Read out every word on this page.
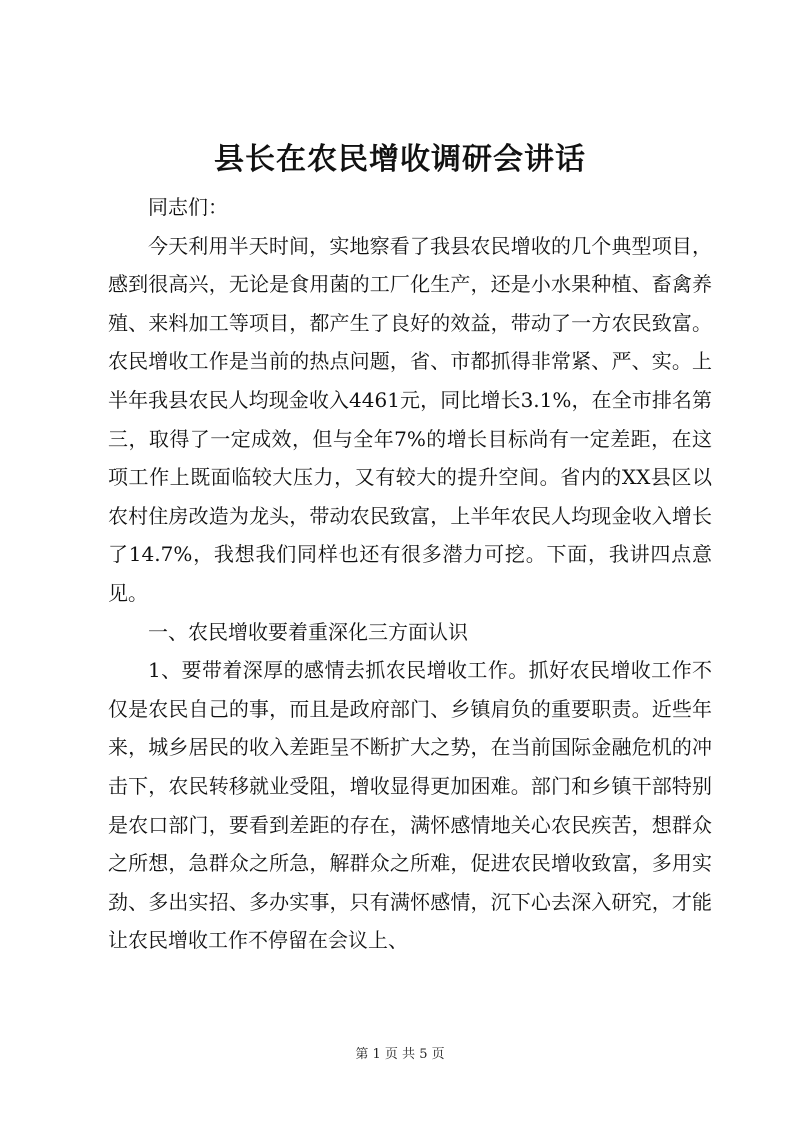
县长在农民增收调研会讲话

同志们：

今天利用半天时间，实地察看了我县农民增收的几个典型项目，感到很高兴，无论是食用菌的工厂化生产，还是小水果种植、畜禽养殖、来料加工等项目，都产生了良好的效益，带动了一方农民致富。农民增收工作是当前的热点问题，省、市都抓得非常紧、严、实。上半年我县农民人均现金收入4461元，同比增长3.1%，在全市排名第三，取得了一定成效，但与全年7%的增长目标尚有一定差距，在这项工作上既面临较大压力，又有较大的提升空间。省内的XX县区以农村住房改造为龙头，带动农民致富，上半年农民人均现金收入增长了14.7%，我想我们同样也还有很多潜力可挖。下面，我讲四点意见。

一、农民增收要着重深化三方面认识

1、要带着深厚的感情去抓农民增收工作。抓好农民增收工作不仅是农民自己的事，而且是政府部门、乡镇肩负的重要职责。近些年来，城乡居民的收入差距呈不断扩大之势，在当前国际金融危机的冲击下，农民转移就业受阻，增收显得更加困难。部门和乡镇干部特别是农口部门，要看到差距的存在，满怀感情地关心农民疾苦，想群众之所想，急群众之所急，解群众之所难，促进农民增收致富，多用实劲、多出实招、多办实事，只有满怀感情，沉下心去深入研究，才能让农民增收工作不停留在会议上、

第 1 页 共 5 页
